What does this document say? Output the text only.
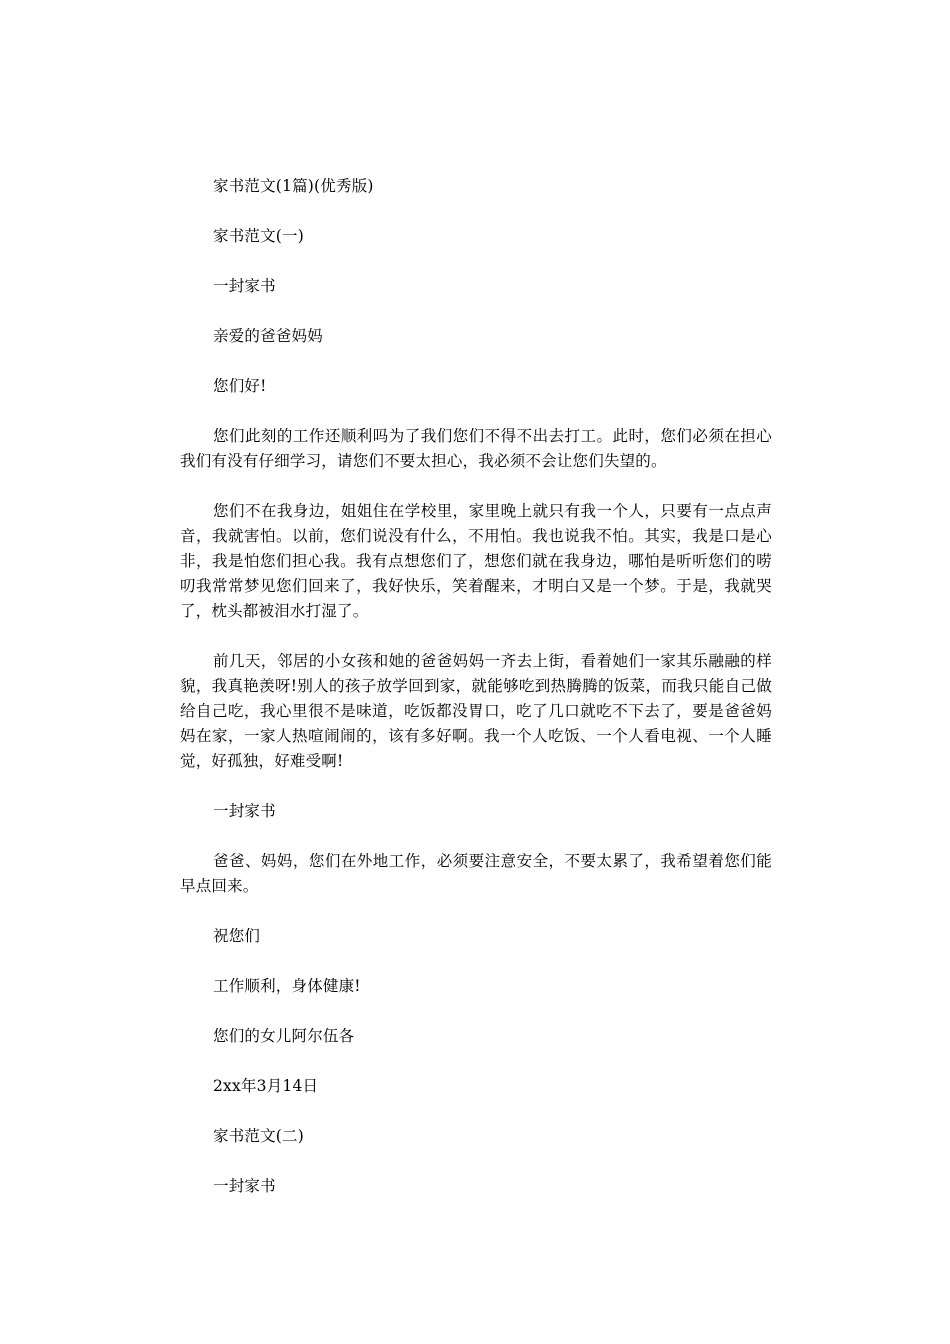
家书范文(1篇)(优秀版)

家书范文(一)

一封家书

亲爱的爸爸妈妈

您们好!

您们此刻的工作还顺利吗为了我们您们不得不出去打工。此时，您们必须在担心我们有没有仔细学习，请您们不要太担心，我必须不会让您们失望的。

您们不在我身边，姐姐住在学校里，家里晚上就只有我一个人，只要有一点点声音，我就害怕。以前，您们说没有什么，不用怕。我也说我不怕。其实，我是口是心非，我是怕您们担心我。我有点想您们了，想您们就在我身边，哪怕是听听您们的唠叨我常常梦见您们回来了，我好快乐，笑着醒来，才明白又是一个梦。于是，我就哭了，枕头都被泪水打湿了。

前几天，邻居的小女孩和她的爸爸妈妈一齐去上街，看着她们一家其乐融融的样貌，我真艳羡呀!别人的孩子放学回到家，就能够吃到热腾腾的饭菜，而我只能自己做给自己吃，我心里很不是味道，吃饭都没胃口，吃了几口就吃不下去了，要是爸爸妈妈在家，一家人热喧闹闹的，该有多好啊。我一个人吃饭、一个人看电视、一个人睡觉，好孤独，好难受啊!

一封家书

爸爸、妈妈，您们在外地工作，必须要注意安全，不要太累了，我希望着您们能早点回来。

祝您们

工作顺利，身体健康!

您们的女儿阿尔伍各

2xx年3月14日

家书范文(二)

一封家书
